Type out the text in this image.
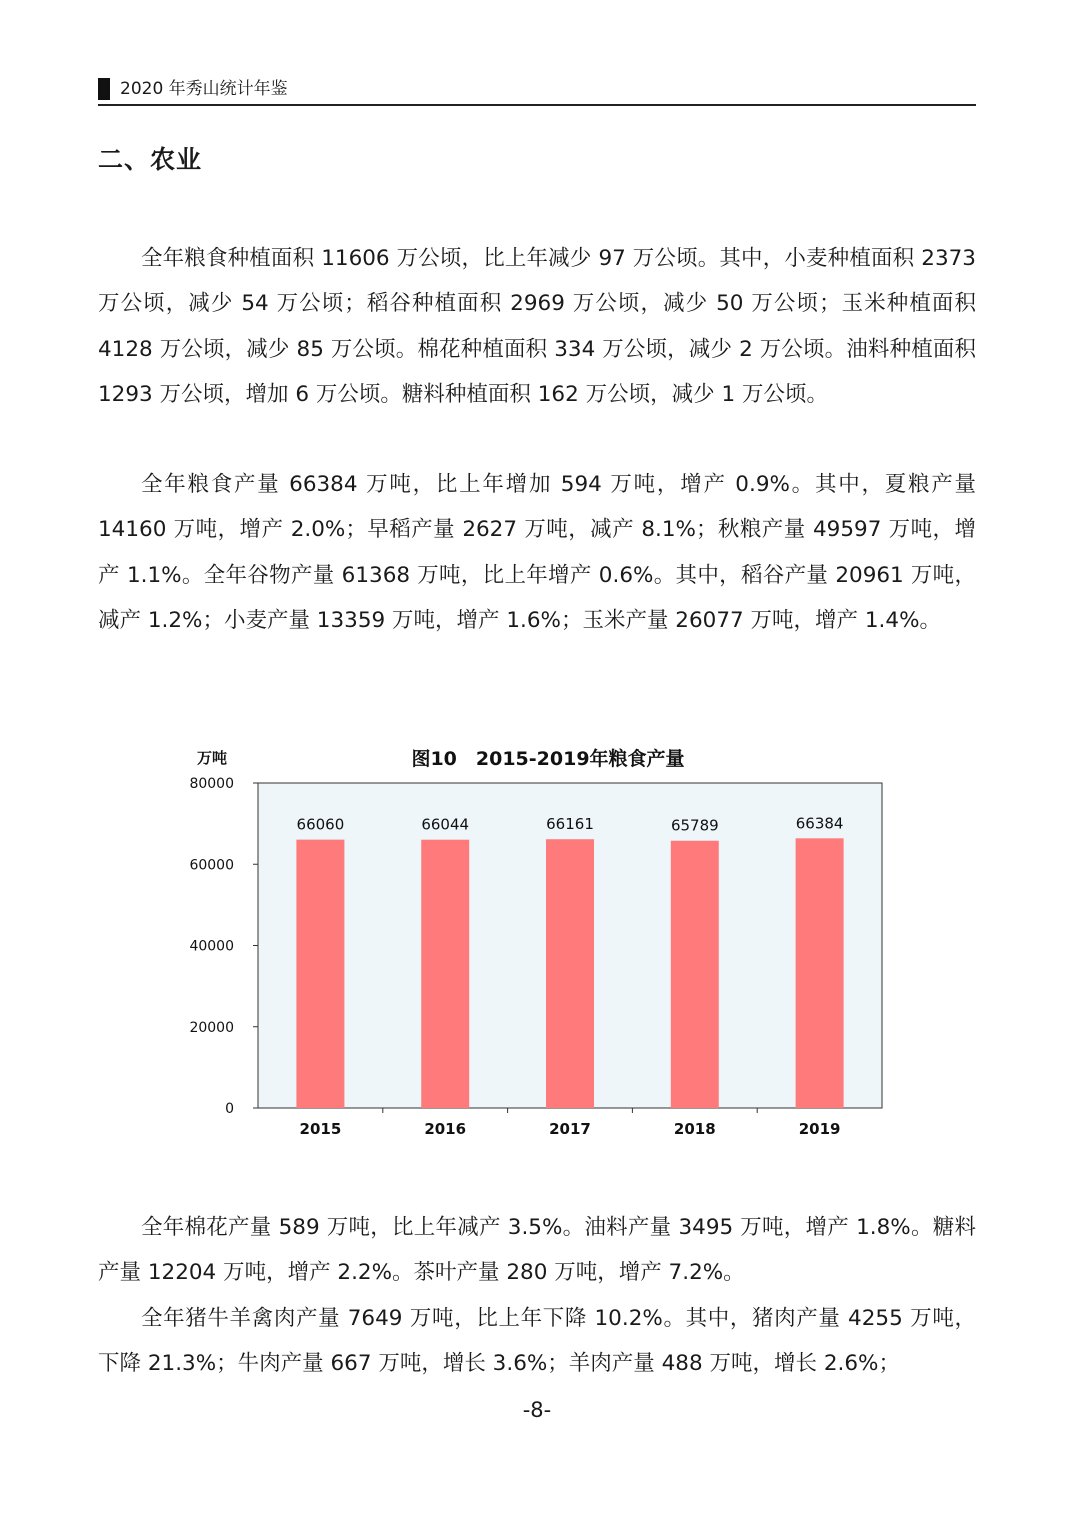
2020 年秀山统计年鉴
二、农业

全年粮食种植面积 11606 万公顷，比上年减少 97 万公顷。其中，小麦种植面积 2373 万公顷，减少 54 万公顷；稻谷种植面积 2969 万公顷，减少 50 万公顷；玉米种植面积 4128 万公顷，减少 85 万公顷。棉花种植面积 334 万公顷，减少 2 万公顷。油料种植面积 1293 万公顷，增加 6 万公顷。糖料种植面积 162 万公顷，减少 1 万公顷。

全年粮食产量 66384 万吨，比上年增加 594 万吨，增产 0.9%。其中，夏粮产量 14160 万吨，增产 2.0%；早稻产量 2627 万吨，减产 8.1%；秋粮产量 49597 万吨，增产 1.1%。全年谷物产量 61368 万吨，比上年增产 0.6%。其中，稻谷产量 20961 万吨，减产 1.2%；小麦产量 13359 万吨，增产 1.6%；玉米产量 26077 万吨，增产 1.4%。

图10　2015-2019年粮食产量
万吨
0
20000
40000
60000
80000
66060	66044	66161	65789	66384
2015	2016	2017	2018	2019

全年棉花产量 589 万吨，比上年减产 3.5%。油料产量 3495 万吨，增产 1.8%。糖料产量 12204 万吨，增产 2.2%。茶叶产量 280 万吨，增产 7.2%。

全年猪牛羊禽肉产量 7649 万吨，比上年下降 10.2%。其中，猪肉产量 4255 万吨，下降 21.3%；牛肉产量 667 万吨，增长 3.6%；羊肉产量 488 万吨，增长 2.6%；

-8-
